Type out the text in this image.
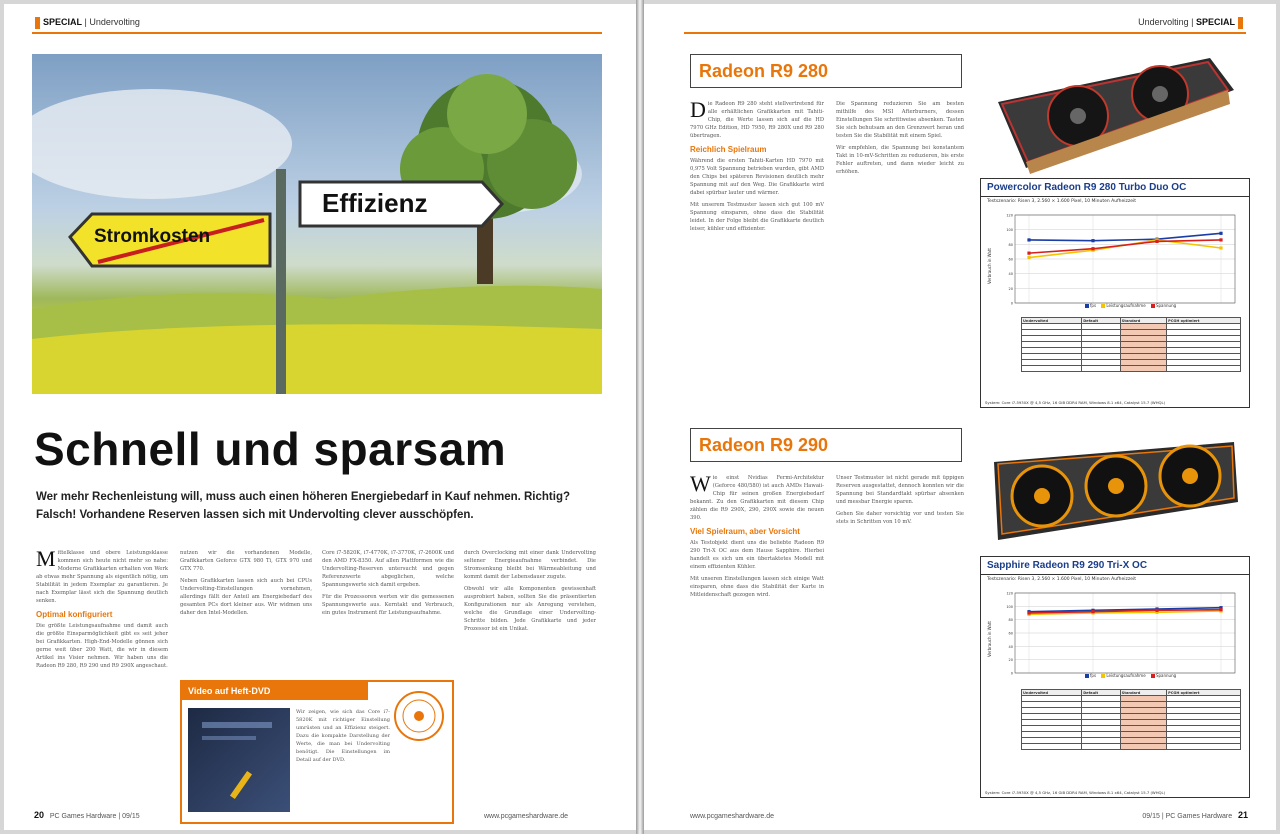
SPECIAL | Undervolting
Effizienz
Stromkosten
Schnell und sparsam
Wer mehr Rechenleistung will, muss auch einen höheren Energiebedarf in Kauf nehmen. Richtig? Falsch! Vorhandene Reserven lassen sich mit Undervolting clever ausschöpfen.

Mittelklasse und obere Leistungsklasse kommen sich heute nicht mehr so nahe: Moderne Grafikkarten erhalten von Werk ab etwas mehr Spannung als eigentlich nötig, um Stabilität in jedem Exemplar zu garantieren. Je nach Exemplar lässt sich die Spannung deutlich senken.

Optimal konfiguriert

Die größte Leistungsaufnahme und damit auch die größte Einsparmöglichkeit gibt es seit jeher bei Grafikkarten. High-End-Modelle gönnen sich gerne weit über 200 Watt, die wir in diesem Artikel ins Visier nehmen. Wir haben uns die Radeon R9 280, R9 290 und R9 290X angeschaut.

nutzen wir die vorhandenen Modelle, Grafikkarten Geforce GTX 980 Ti, GTX 970 und GTX 770.

Neben Grafikkarten lassen sich auch bei CPUs Undervolting-Einstellungen vornehmen, allerdings fällt der Anteil am Energiebedarf des gesamten PCs dort kleiner aus. Wir widmen uns daher den Intel-Modellen.

Core i7-5820K, i7-4770K, i7-3770K, i7-2600K und den AMD FX-8350. Auf allen Plattformen wie die Undervolting-Reserven untersucht und gegen Referenzwerte abgeglichen, welche Spannungswerte sich damit ergeben.

Für die Prozessoren werten wir die gemessenen Spannungswerte aus. Kerntakt und Verbrauch, ein gutes Instrument für Leistungsaufnahme.

durch Overclocking mit einer dank Undervolting seltener Energieaufnahme verbindet. Die Stromsenkung bleibt bei Wärmeableitung und kommt damit der Lebensdauer zugute.

Obwohl wir alle Komponenten gewissenhaft ausprobiert haben, sollten Sie die präsentierten Konfigurationen nur als Anregung verstehen, welche die Grundlage einer Undervolting-Schritte bilden. Jede Grafikkarte und jeder Prozessor ist ein Unikat.

Video auf Heft-DVD
Wir zeigen, wie sich das Core i7-5820K mit richtiger Einstellung umrüsten und an Effizienz steigert. Dazu die kompakte Darstellung der Werte, die man bei Undervolting benötigt. Die Einstellungen im Detail auf der DVD.
20 PC Games Hardware | 09/15	www.pcgameshardware.de
Undervolting | SPECIAL
Radeon R9 280

Die Radeon R9 280 steht stellvertretend für alle erhältlichen Grafikkarten mit Tahiti-Chip, die Werte lassen sich auf die HD 7970 GHz Edition, HD 7950, R9 280X und R9 280 übertragen.

Reichlich Spielraum

Während die ersten Tahiti-Karten HD 7970 mit 0,975 Volt Spannung betrieben wurden, gibt AMD den Chips bei späteren Revisionen deutlich mehr Spannung mit auf den Weg. Die Grafikkarte wird dabei spürbar lauter und wärmer.

Mit unserem Testmuster lassen sich gut 100 mV Spannung einsparen, ohne dass die Stabilität leidet. In der Folge bleibt die Grafikkarte deutlich leiser, kühler und effizienter.

Die Spannung reduzieren Sie am besten mithilfe des MSI Afterburners, dessen Einstellungen Sie schrittweise absenken. Tasten Sie sich behutsam an den Grenzwert heran und testen Sie die Stabilität mit einem Spiel.

Wir empfehlen, die Spannung bei konstantem Takt in 10-mV-Schritten zu reduzieren, bis erste Fehler auftreten, und dann wieder leicht zu erhöhen.

Powercolor Radeon R9 280 Turbo Duo OC
Testszenario: Risen 3, 2.560 × 1.600 Pixel, 10 Minuten Aufheizzeit
Verbrauch in Watt
0
20
40
60
80
100
120
fps	Leistungsaufnahme	Spannung
Undervolted	Default	Standard	PCGH optimiert

System: Core i7-5930X @ 4,5 GHz, 16 GiB DDR4 RAM, Windows 8.1 x64, Catalyst 15.7 (WHQL)
Radeon R9 290

Wie einst Nvidias Fermi-Architektur (Geforce 480/580) ist auch AMDs Hawaii-Chip für seinen großen Energiebedarf bekannt. Zu den Grafikkarten mit diesem Chip zählen die R9 290X, 290, 290X sowie die neuen 390.

Viel Spielraum, aber Vorsicht

Als Testobjekt dient uns die beliebte Radeon R9 290 Tri-X OC aus dem Hause Sapphire. Hierbei handelt es sich um ein übertaktetes Modell mit einem effizienten Kühler.

Mit unseren Einstellungen lassen sich einige Watt einsparen, ohne dass die Stabilität der Karte in Mitleidenschaft gezogen wird.

Unser Testmuster ist nicht gerade mit üppigen Reserven ausgestattet, dennoch konnten wir die Spannung bei Standardtakt spürbar absenken und messbar Energie sparen.

Gehen Sie daher vorsichtig vor und testen Sie stets in Schritten von 10 mV.

Sapphire Radeon R9 290 Tri-X OC
Testszenario: Risen 3, 2.560 × 1.600 Pixel, 10 Minuten Aufheizzeit
Verbrauch in Watt
0
20
40
60
80
100
120
fps	Leistungsaufnahme	Spannung
Undervolted	Default	Standard	PCGH optimiert

System: Core i7-5930X @ 4,5 GHz, 16 GiB DDR4 RAM, Windows 8.1 x64, Catalyst 15.7 (WHQL)
www.pcgameshardware.de	09/15 | PC Games Hardware 21
